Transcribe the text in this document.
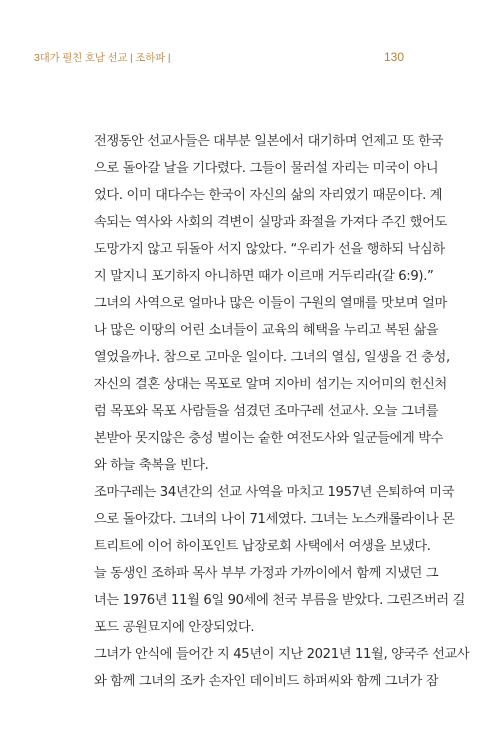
3대가 펼친 호남 선교 | 조하파 |	130
전쟁동안 선교사들은 대부분 일본에서 대기하며 언제고 또 한국
으로 돌아갈 날을 기다렸다. 그들이 물러설 자리는 미국이 아니
었다. 이미 대다수는 한국이 자신의 삶의 자리였기 때문이다. 계
속되는 역사와 사회의 격변이 실망과 좌절을 가져다 주긴 했어도
도망가지 않고 뒤돌아 서지 않았다. “우리가 선을 행하되 낙심하
지 말지니 포기하지 아니하면 때가 이르매 거두리라(갈 6:9).”
그녀의 사역으로 얼마나 많은 이들이 구원의 열매를 맛보며 얼마
나 많은 이땅의 어린 소녀들이 교육의 혜택을 누리고 복된 삶을
열었을까나. 참으로 고마운 일이다. 그녀의 열심, 일생을 건 충성,
자신의 결혼 상대는 목포로 알며 지아비 섬기는 지어미의 헌신처
럼 목포와 목포 사람들을 섬겼던 조마구레 선교사. 오늘 그녀를
본받아 못지않은 충성 벌이는 숱한 여전도사와 일군들에게 박수
와 하늘 축복을 빈다.
조마구레는 34년간의 선교 사역을 마치고 1957년 은퇴하여 미국
으로 돌아갔다. 그녀의 나이 71세였다. 그녀는 노스캐롤라이나 몬
트리트에 이어 하이포인트 납장로회 사택에서 여생을 보냈다.
늘 동생인 조하파 목사 부부 가정과 가까이에서 함께 지냈던 그
녀는 1976년 11월 6일 90세에 천국 부름을 받았다. 그린즈버러 길
포드 공원묘지에 안장되었다.
그녀가 안식에 들어간 지 45년이 지난 2021년 11월, 양국주 선교사
와 함께 그녀의 조카 손자인 데이비드 하퍼씨와 함께 그녀가 잠
